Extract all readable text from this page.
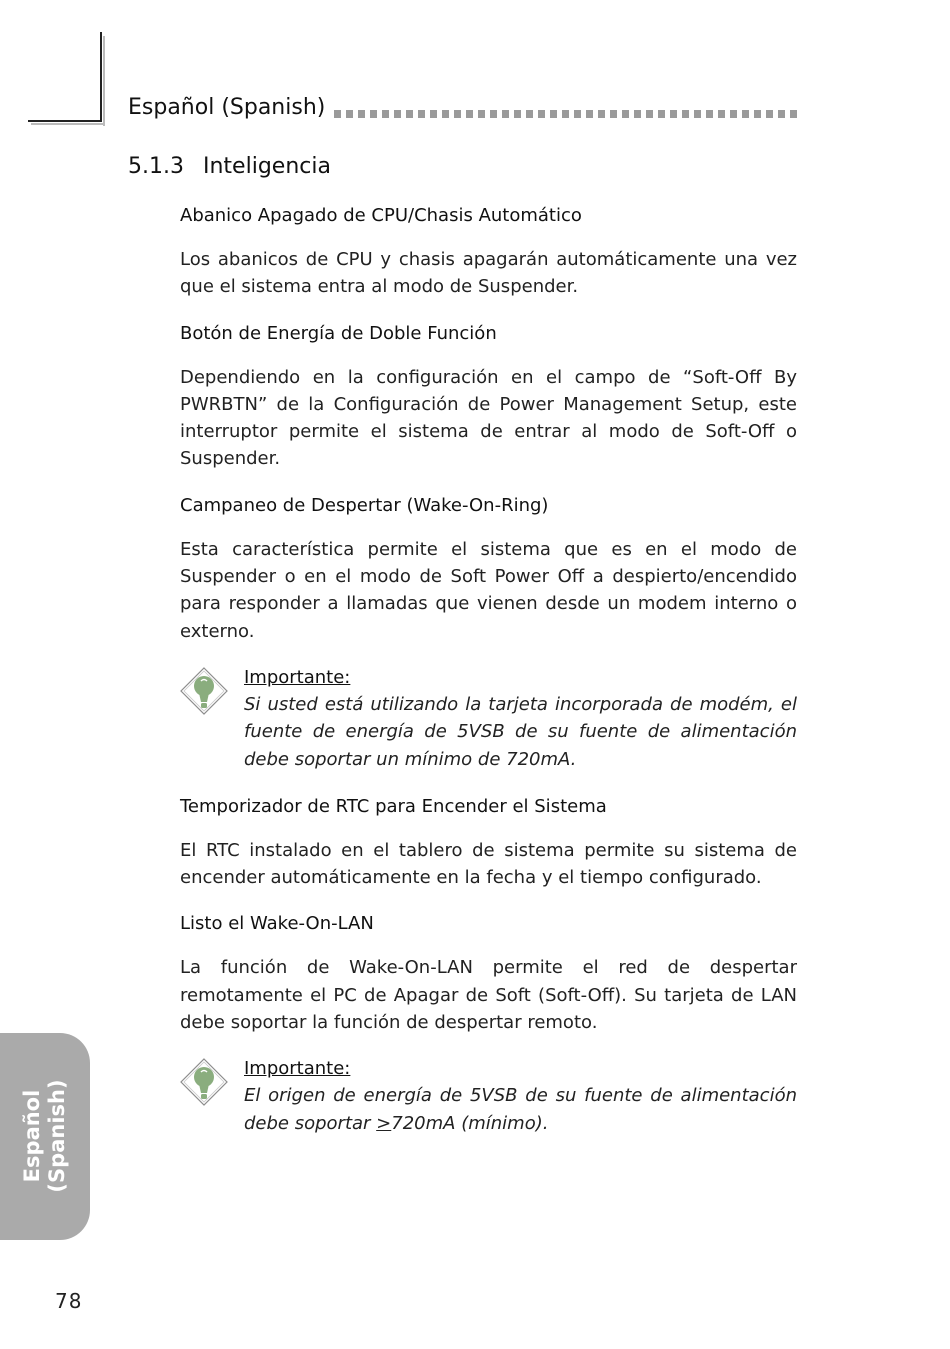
Español (Spanish)
5.1.3 Inteligencia
Abanico Apagado de CPU/Chasis Automático

Los abanicos de CPU y chasis apagarán automáticamente una vez que el sistema entra al modo de Suspender.

Botón de Energía de Doble Función

Dependiendo en la configuración en el campo de “Soft-Off By PWRBTN” de la Configuración de Power Management Setup, este interruptor permite el sistema de entrar al modo de Soft-Off o Suspender.

Campaneo de Despertar (Wake-On-Ring)

Esta característica permite el sistema que es en el modo de Suspender o en el modo de Soft Power Off a despierto/encendido para responder a llamadas que vienen desde un modem interno o externo.

Importante:

Si usted está utilizando la tarjeta incorporada de modém, el fuente de energía de 5VSB de su fuente de alimentación debe soportar un mínimo de 720mA.

Temporizador de RTC para Encender el Sistema

El RTC instalado en el tablero de sistema permite su sistema de encender automáticamente en la fecha y el tiempo configurado.

Listo el Wake-On-LAN

La función de Wake-On-LAN permite el red de despertar remotamente el PC de Apagar de Soft (Soft-Off). Su tarjeta de LAN debe soportar la función de despertar remoto.

Importante:

El origen de energía de 5VSB de su fuente de alimentación debe soportar ≥720mA (mínimo).

Español (Spanish)
78
